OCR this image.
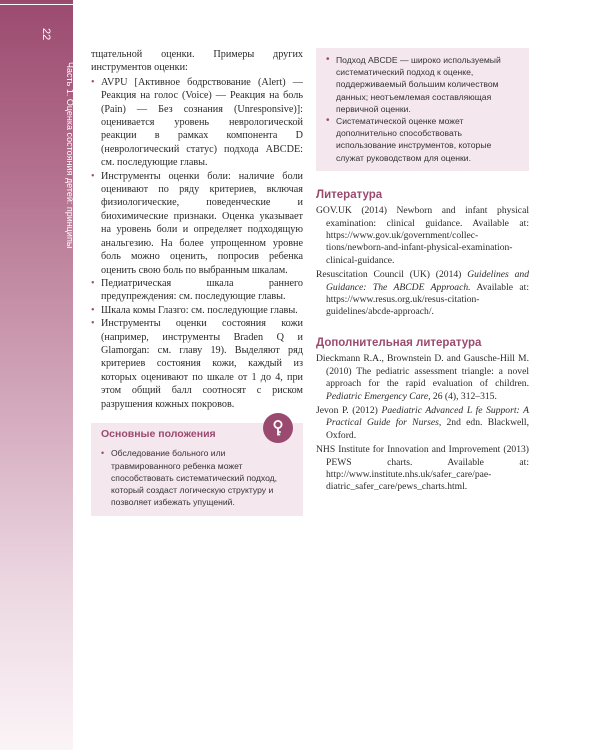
22
Часть 1. Оценка состояния детей: принципы

тщательной оценки. Примеры других инструментов оценки:

• AVPU [Активное бодрствование (Alert) — Реакция на голос (Voice) — Реакция на боль (Pain) — Без сознания (Unresponsive)]: оценивается уровень неврологической реакции в рамках компонента D (неврологический статус) подхода ABCDE: см. последующие главы.
• Инструменты оценки боли: наличие боли оценивают по ряду критериев, включая физиологические, поведенческие и биохимические признаки. Оценка указывает на уровень боли и определяет подходящую анальгезию. На более упрощенном уровне боль можно оценить, попросив ребенка оценить свою боль по выбранным шкалам.
• Педиатрическая шкала раннего предупреждения: см. последующие главы.
• Шкала комы Глазго: см. последующие главы.
• Инструменты оценки состояния кожи (например, инструменты Braden Q и Glamorgan: см. главу 19). Выделяют ряд критериев состояния кожи, каждый из которых оценивают по шкале от 1 до 4, при этом общий балл соотносят с риском разрушения кожных покровов.
Основные положения
• Обследование больного или травмированного ребенка может способствовать систематический подход, который создаст логическую структуру и позволяет избежать упущений.
• Подход ABCDE — широко используемый систематический подход к оценке, поддерживаемый большим количеством данных; неотъемлемая составляющая первичной оценки.
• Систематической оценке может дополнительно способствовать использование инструментов, которые служат руководством для оценки.
Литература

GOV.UK (2014) Newborn and infant physical examination: clinical guidance. Available at: https://www.gov.uk/government/collec-tions/newborn-and-infant-physical-examination-clinical-guidance.

Resuscitation Council (UK) (2014) Guidelines and Guidance: The ABCDE Approach. Available at: https://www.resus.org.uk/resus-citation-guidelines/abcde-approach/.

Дополнительная литература

Dieckmann R.A., Brownstein D. and Gausche-Hill M. (2010) The pediatric assessment triangle: a novel approach for the rapid evaluation of children. Pediatric Emergency Care, 26 (4), 312–315.

Jevon P. (2012) Paediatric Advanced L fe Support: A Practical Guide for Nurses, 2nd edn. Blackwell, Oxford.

NHS Institute for Innovation and Improvement (2013) PEWS charts. Available at: http://www.institute.nhs.uk/safer_care/pae-diatric_safer_care/pews_charts.html.
